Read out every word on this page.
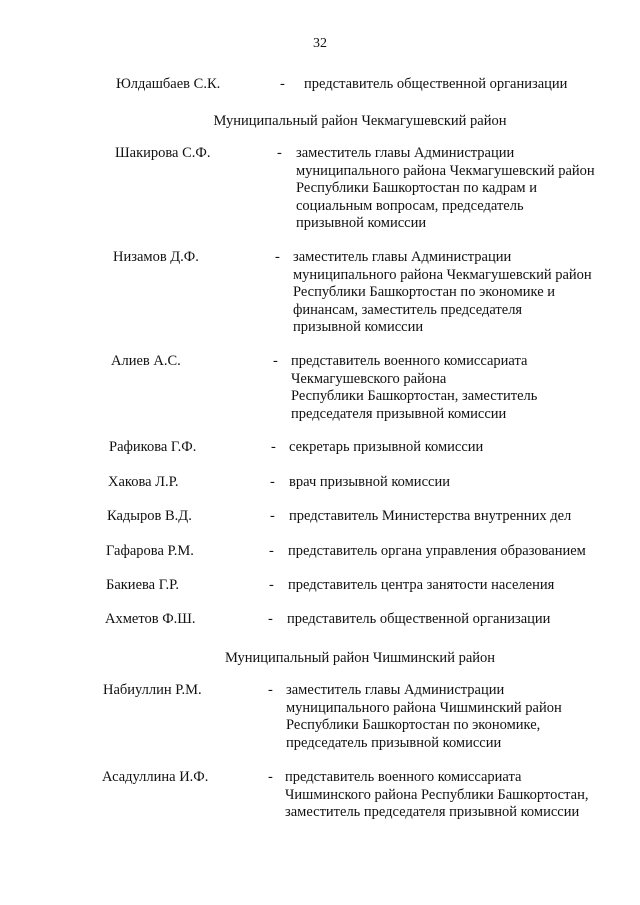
32
Юлдашбаев С.К.	- представитель общественной организации
Муниципальный район Чекмагушевский район
Шакирова С.Ф.	- заместитель главы Администрации
муниципального района Чекмагушевский район
Республики Башкортостан по кадрам и
социальным вопросам, председатель
призывной комиссии
Низамов Д.Ф.	- заместитель главы Администрации
муниципального района Чекмагушевский район
Республики Башкортостан по экономике и
финансам, заместитель председателя
призывной комиссии
Алиев А.С.	- представитель военного комиссариата
Чекмагушевского района
Республики Башкортостан, заместитель
председателя призывной комиссии
Рафикова Г.Ф.	- секретарь призывной комиссии
Хакова Л.Р.	- врач призывной комиссии
Кадыров В.Д.	- представитель Министерства внутренних дел
Гафарова Р.М.	- представитель органа управления образованием
Бакиева Г.Р.	- представитель центра занятости населения
Ахметов Ф.Ш.	- представитель общественной организации
Муниципальный район Чишминский район
Набиуллин Р.М.	- заместитель главы Администрации
муниципального района Чишминский район
Республики Башкортостан по экономике,
председатель призывной комиссии
Асадуллина И.Ф.	- представитель военного комиссариата
Чишминского района Республики Башкортостан,
заместитель председателя призывной комиссии
